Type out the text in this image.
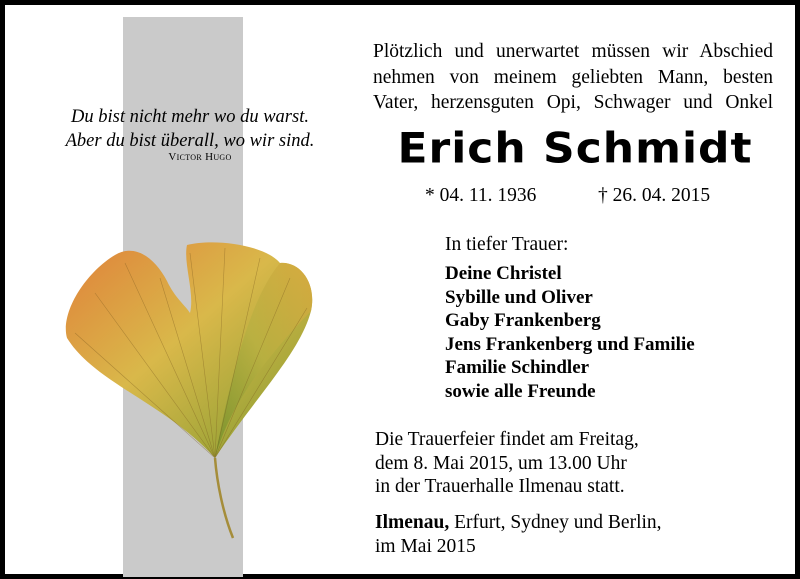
Du bist nicht mehr wo du warst.
Aber du bist überall, wo wir sind.
Victor Hugo
Plötzlich und unerwartet müssen wir Abschied
nehmen von meinem geliebten Mann, besten
Vater, herzensguten Opi, Schwager und Onkel
Erich Schmidt
* 04. 11. 1936	† 26. 04. 2015
In tiefer Trauer:
Deine Christel
Sybille und Oliver
Gaby Frankenberg
Jens Frankenberg und Familie
Familie Schindler
sowie alle Freunde
Die Trauerfeier findet am Freitag,
dem 8. Mai 2015, um 13.00 Uhr
in der Trauerhalle Ilmenau statt.
Ilmenau, Erfurt, Sydney und Berlin,
im Mai 2015
